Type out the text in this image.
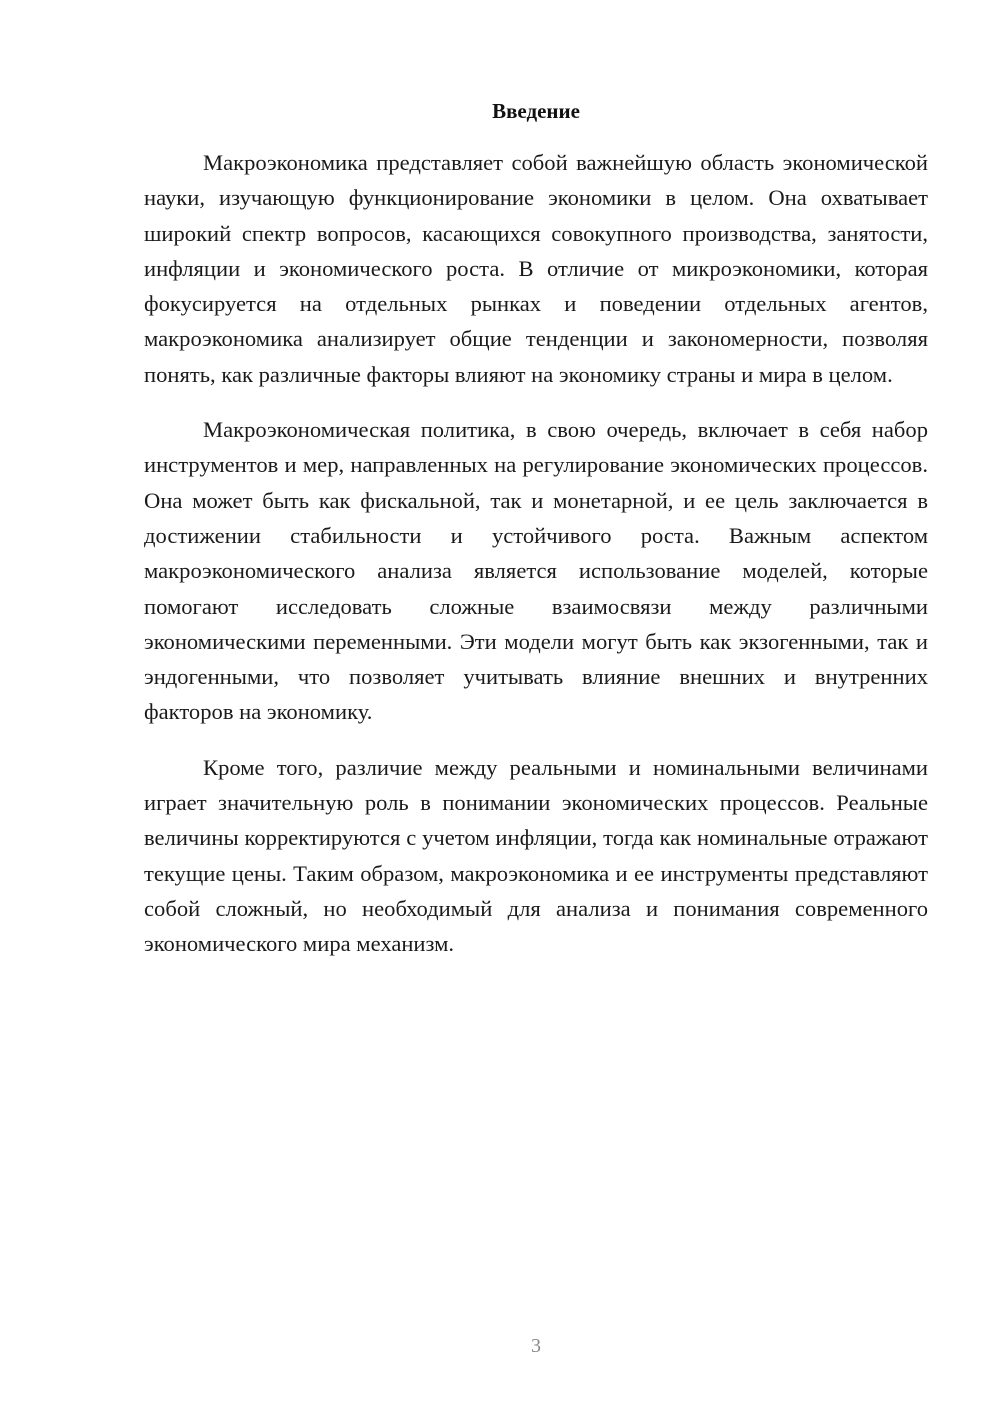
Введение

Макроэкономика представляет собой важнейшую область экономической науки, изучающую функционирование экономики в целом. Она охватывает широкий спектр вопросов, касающихся совокупного производства, занятости, инфляции и экономического роста. В отличие от микроэкономики, которая фокусируется на отдельных рынках и поведении отдельных агентов, макроэкономика анализирует общие тенденции и закономерности, позволяя понять, как различные факторы влияют на экономику страны и мира в целом.

Макроэкономическая политика, в свою очередь, включает в себя набор инструментов и мер, направленных на регулирование экономических процессов. Она может быть как фискальной, так и монетарной, и ее цель заключается в достижении стабильности и устойчивого роста. Важным аспектом макроэкономического анализа является использование моделей, которые помогают исследовать сложные взаимосвязи между различными экономическими переменными. Эти модели могут быть как экзогенными, так и эндогенными, что позволяет учитывать влияние внешних и внутренних факторов на экономику.

Кроме того, различие между реальными и номинальными величинами играет значительную роль в понимании экономических процессов. Реальные величины корректируются с учетом инфляции, тогда как номинальные отражают текущие цены. Таким образом, макроэкономика и ее инструменты представляют собой сложный, но необходимый для анализа и понимания современного экономического мира механизм.

3
